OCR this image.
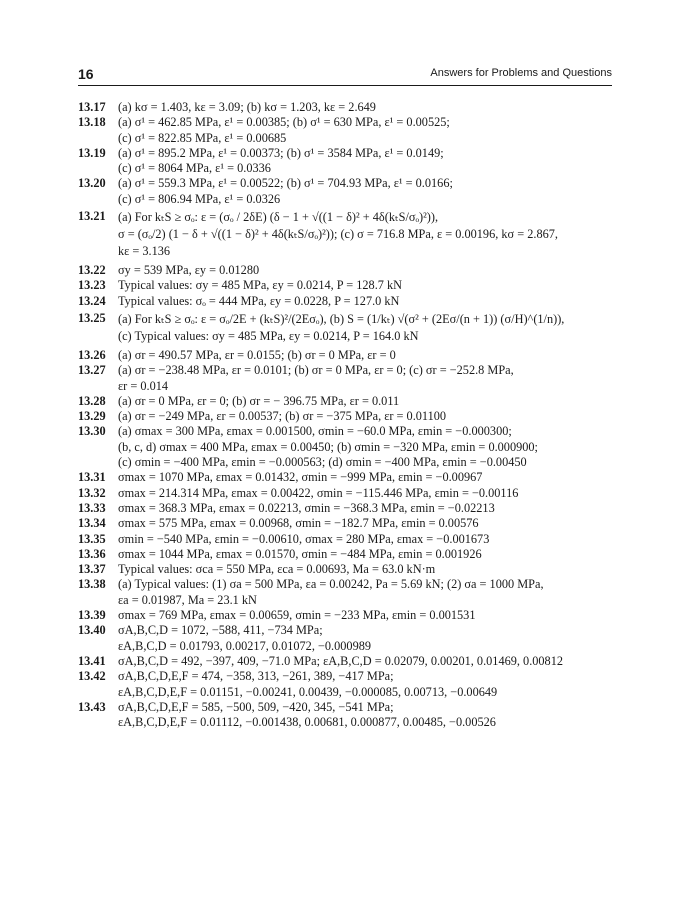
16	Answers for Problems and Questions
13.17	(a) kσ = 1.403, kε = 3.09; (b) kσ = 1.203, kε = 2.649
13.18	(a) σ¹ = 462.85 MPa, ε¹ = 0.00385; (b) σ¹ = 630 MPa, ε¹ = 0.00525;
(c) σ¹ = 822.85 MPa, ε¹ = 0.00685
13.19	(a) σ¹ = 895.2 MPa, ε¹ = 0.00373; (b) σ¹ = 3584 MPa, ε¹ = 0.0149;
(c) σ¹ = 8064 MPa, ε¹ = 0.0336
13.20	(a) σ¹ = 559.3 MPa, ε¹ = 0.00522; (b) σ¹ = 704.93 MPa, ε¹ = 0.0166;
(c) σ¹ = 806.94 MPa, ε¹ = 0.0326
13.21	(a) For kₜS ≥ σₒ: ε = (σₒ / 2δE) (δ − 1 + √((1 − δ)² + 4δ(kₜS/σₒ)²)),
σ = (σₒ/2) (1 − δ + √((1 − δ)² + 4δ(kₜS/σₒ)²)); (c) σ = 716.8 MPa, ε = 0.00196, kσ = 2.867,
kε = 3.136
13.22	σy = 539 MPa, εy = 0.01280
13.23	Typical values: σy = 485 MPa, εy = 0.0214, P = 128.7 kN
13.24	Typical values: σₒ = 444 MPa, εy = 0.0228, P = 127.0 kN
13.25	(a) For kₜS ≥ σₒ: ε = σₒ/2E + (kₜS)²/(2Eσₒ), (b) S = (1/kₜ) √(σ² + (2Eσ/(n + 1)) (σ/H)^(1/n)),
(c) Typical values: σy = 485 MPa, εy = 0.0214, P = 164.0 kN
13.26	(a) σr = 490.57 MPa, εr = 0.0155; (b) σr = 0 MPa, εr = 0
13.27	(a) σr = −238.48 MPa, εr = 0.0101; (b) σr = 0 MPa, εr = 0; (c) σr = −252.8 MPa,
εr = 0.014
13.28	(a) σr = 0 MPa, εr = 0; (b) σr = − 396.75 MPa, εr = 0.011
13.29	(a) σr = −249 MPa, εr = 0.00537; (b) σr = −375 MPa, εr = 0.01100
13.30	(a) σmax = 300 MPa, εmax = 0.001500, σmin = −60.0 MPa, εmin = −0.000300;
(b, c, d) σmax = 400 MPa, εmax = 0.00450; (b) σmin = −320 MPa, εmin = 0.000900;
(c) σmin = −400 MPa, εmin = −0.000563; (d) σmin = −400 MPa, εmin = −0.00450
13.31	σmax = 1070 MPa, εmax = 0.01432, σmin = −999 MPa, εmin = −0.00967
13.32	σmax = 214.314 MPa, εmax = 0.00422, σmin = −115.446 MPa, εmin = −0.00116
13.33	σmax = 368.3 MPa, εmax = 0.02213, σmin = −368.3 MPa, εmin = −0.02213
13.34	σmax = 575 MPa, εmax = 0.00968, σmin = −182.7 MPa, εmin = 0.00576
13.35	σmin = −540 MPa, εmin = −0.00610, σmax = 280 MPa, εmax = −0.001673
13.36	σmax = 1044 MPa, εmax = 0.01570, σmin = −484 MPa, εmin = 0.001926
13.37	Typical values: σca = 550 MPa, εca = 0.00693, Ma = 63.0 kN·m
13.38	(a) Typical values: (1) σa = 500 MPa, εa = 0.00242, Pa = 5.69 kN; (2) σa = 1000 MPa,
εa = 0.01987, Ma = 23.1 kN
13.39	σmax = 769 MPa, εmax = 0.00659, σmin = −233 MPa, εmin = 0.001531
13.40	σA,B,C,D = 1072, −588, 411, −734 MPa;
εA,B,C,D = 0.01793, 0.00217, 0.01072, −0.000989
13.41	σA,B,C,D = 492, −397, 409, −71.0 MPa; εA,B,C,D = 0.02079, 0.00201, 0.01469, 0.00812
13.42	σA,B,C,D,E,F = 474, −358, 313, −261, 389, −417 MPa;
εA,B,C,D,E,F = 0.01151, −0.00241, 0.00439, −0.000085, 0.00713, −0.00649
13.43	σA,B,C,D,E,F = 585, −500, 509, −420, 345, −541 MPa;
εA,B,C,D,E,F = 0.01112, −0.001438, 0.00681, 0.000877, 0.00485, −0.00526
